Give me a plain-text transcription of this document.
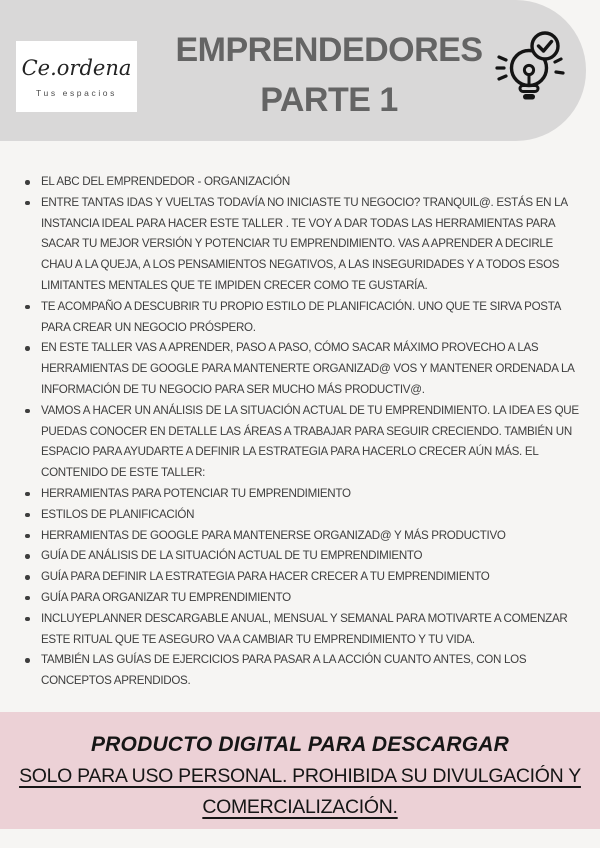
Ce.ordena
Tus espacios
EMPRENDEDORES
PARTE 1
EL ABC DEL EMPRENDEDOR - ORGANIZACIÓN
ENTRE TANTAS IDAS Y VUELTAS TODAVÍA NO INICIASTE TU NEGOCIO? TRANQUIL@. ESTÁS EN LA INSTANCIA IDEAL PARA HACER ESTE TALLER . TE VOY A DAR TODAS LAS HERRAMIENTAS PARA SACAR TU MEJOR VERSIÓN Y POTENCIAR TU EMPRENDIMIENTO. VAS A APRENDER A DECIRLE CHAU A LA QUEJA, A LOS PENSAMIENTOS NEGATIVOS, A LAS INSEGURIDADES Y A TODOS ESOS LIMITANTES MENTALES QUE TE IMPIDEN CRECER COMO TE GUSTARÍA.
TE ACOMPAÑO A DESCUBRIR TU PROPIO ESTILO DE PLANIFICACIÓN. UNO QUE TE SIRVA POSTA PARA CREAR UN NEGOCIO PRÓSPERO.
EN ESTE TALLER VAS A APRENDER, PASO A PASO, CÓMO SACAR MÁXIMO PROVECHO A LAS HERRAMIENTAS DE GOOGLE PARA MANTENERTE ORGANIZAD@ VOS Y MANTENER ORDENADA LA INFORMACIÓN DE TU NEGOCIO PARA SER MUCHO MÁS PRODUCTIV@.
VAMOS A HACER UN ANÁLISIS DE LA SITUACIÓN ACTUAL DE TU EMPRENDIMIENTO. LA IDEA ES QUE PUEDAS CONOCER EN DETALLE LAS ÁREAS A TRABAJAR PARA SEGUIR CRECIENDO. TAMBIÉN UN ESPACIO PARA AYUDARTE A DEFINIR LA ESTRATEGIA PARA HACERLO CRECER AÚN MÁS. EL CONTENIDO DE ESTE TALLER:
HERRAMIENTAS PARA POTENCIAR TU EMPRENDIMIENTO
ESTILOS DE PLANIFICACIÓN
HERRAMIENTAS DE GOOGLE PARA MANTENERSE ORGANIZAD@ Y MÁS PRODUCTIVO
GUÍA DE ANÁLISIS DE LA SITUACIÓN ACTUAL DE TU EMPRENDIMIENTO
GUÍA PARA DEFINIR LA ESTRATEGIA PARA HACER CRECER A TU EMPRENDIMIENTO
GUÍA PARA ORGANIZAR TU EMPRENDIMIENTO
INCLUYEPLANNER DESCARGABLE ANUAL, MENSUAL Y SEMANAL PARA MOTIVARTE A COMENZAR ESTE RITUAL QUE TE ASEGURO VA A CAMBIAR TU EMPRENDIMIENTO Y TU VIDA.
TAMBIÉN LAS GUÍAS DE EJERCICIOS PARA PASAR A LA ACCIÓN CUANTO ANTES, CON LOS CONCEPTOS APRENDIDOS.
PRODUCTO DIGITAL PARA DESCARGAR
SOLO PARA USO PERSONAL. PROHIBIDA SU DIVULGACIÓN Y
COMERCIALIZACIÓN.
